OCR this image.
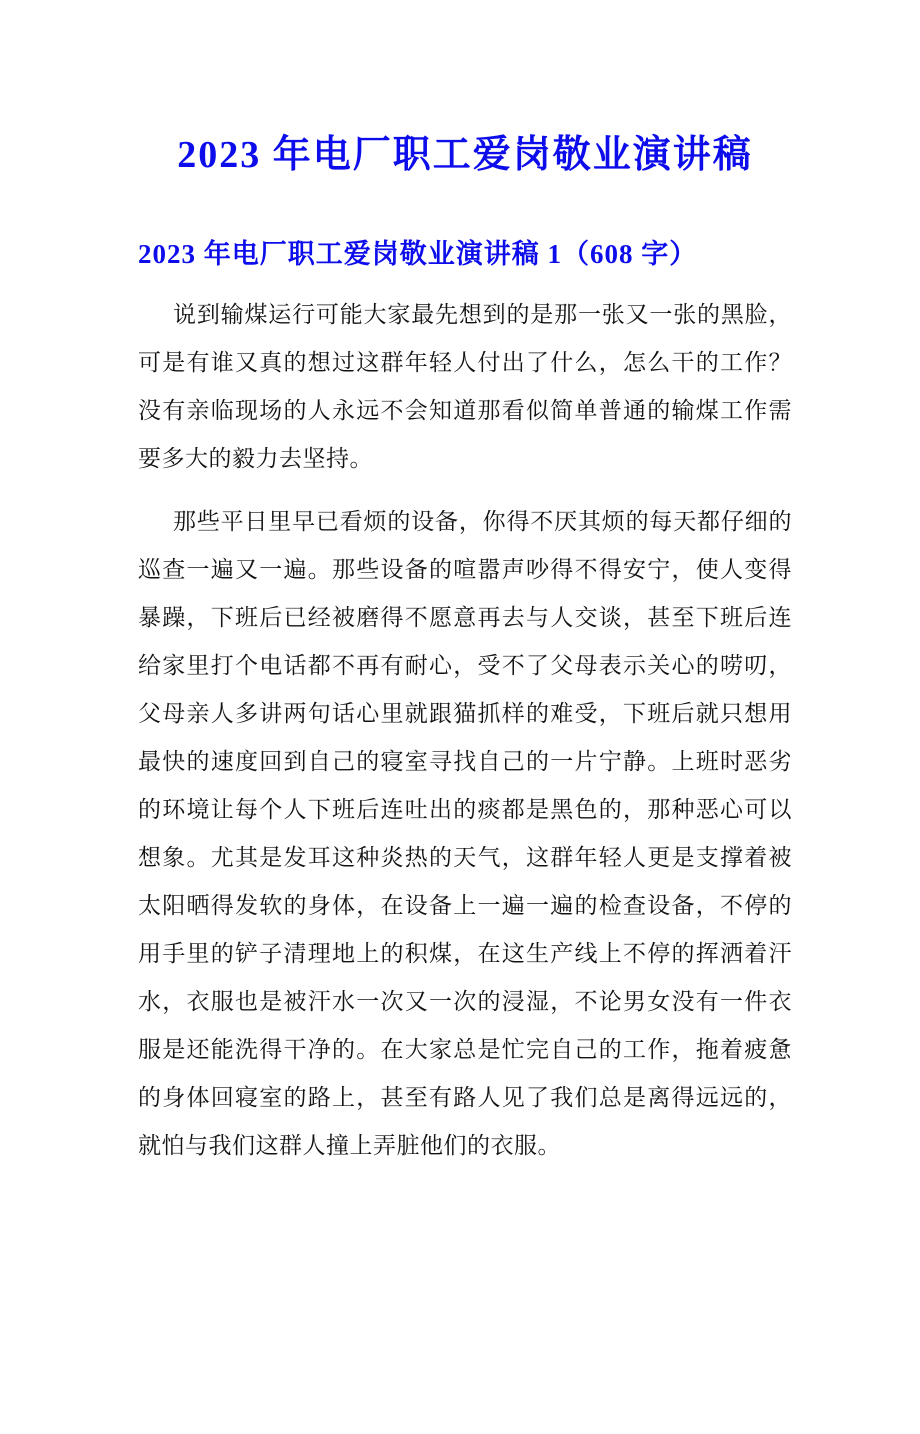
2023 年电厂职工爱岗敬业演讲稿
2023 年电厂职工爱岗敬业演讲稿 1（608 字）

说到输煤运行可能大家最先想到的是那一张又一张的黑脸，可是有谁又真的想过这群年轻人付出了什么，怎么干的工作？没有亲临现场的人永远不会知道那看似简单普通的输煤工作需要多大的毅力去坚持。

那些平日里早已看烦的设备，你得不厌其烦的每天都仔细的巡查一遍又一遍。那些设备的喧嚣声吵得不得安宁，使人变得暴躁，下班后已经被磨得不愿意再去与人交谈，甚至下班后连给家里打个电话都不再有耐心，受不了父母表示关心的唠叨，父母亲人多讲两句话心里就跟猫抓样的难受，下班后就只想用最快的速度回到自己的寝室寻找自己的一片宁静。上班时恶劣的环境让每个人下班后连吐出的痰都是黑色的，那种恶心可以想象。尤其是发耳这种炎热的天气，这群年轻人更是支撑着被太阳晒得发软的身体，在设备上一遍一遍的检查设备，不停的用手里的铲子清理地上的积煤，在这生产线上不停的挥洒着汗水，衣服也是被汗水一次又一次的浸湿，不论男女没有一件衣服是还能洗得干净的。在大家总是忙完自己的工作，拖着疲惫的身体回寝室的路上，甚至有路人见了我们总是离得远远的，就怕与我们这群人撞上弄脏他们的衣服。
